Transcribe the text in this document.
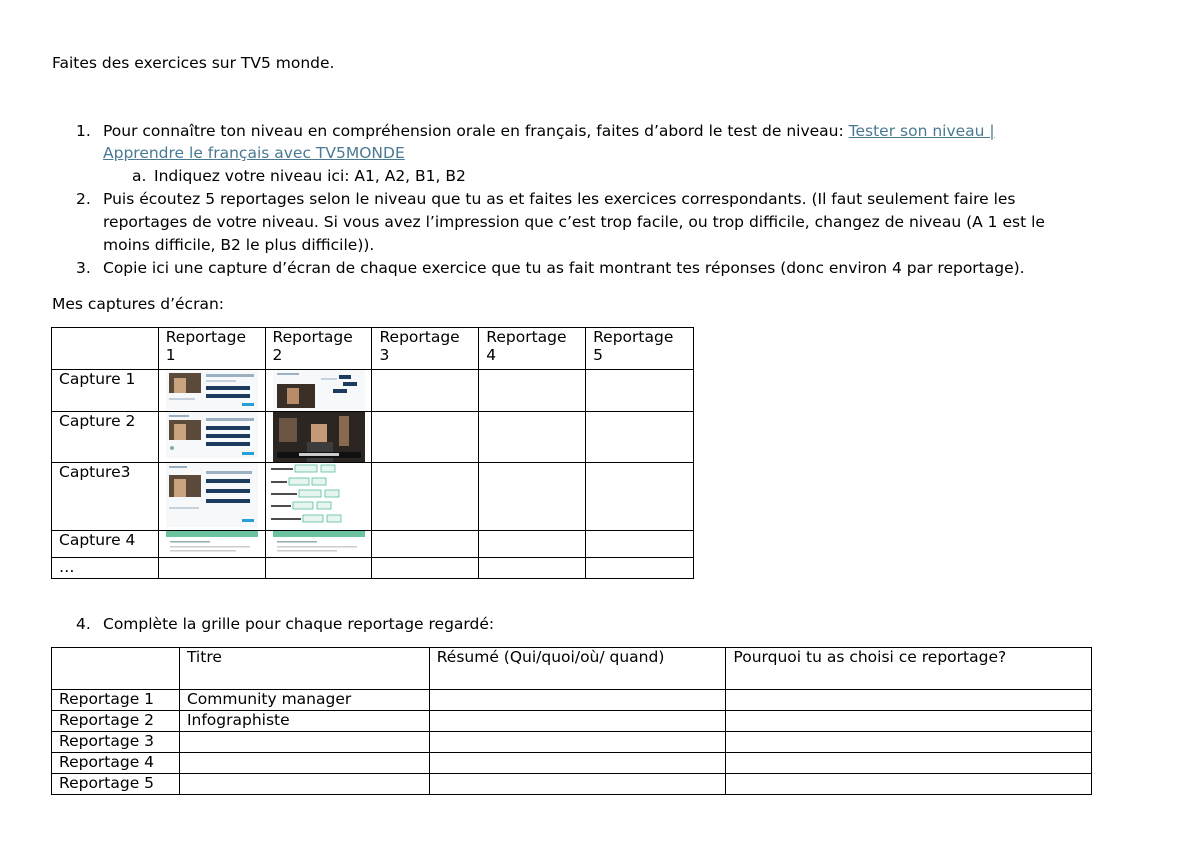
Faites des exercices sur TV5 monde.
1. Pour connaître ton niveau en compréhension orale en français, faites d’abord le test de niveau: Tester son niveau |
Apprendre le français avec TV5MONDE
a. Indiquez votre niveau ici: A1, A2, B1, B2
2. Puis écoutez 5 reportages selon le niveau que tu as et faites les exercices correspondants. (Il faut seulement faire les
reportages de votre niveau. Si vous avez l’impression que c’est trop facile, ou trop difficile, changez de niveau (A 1 est le
moins difficile, B2 le plus difficile)).
3. Copie ici une capture d’écran de chaque exercice que tu as fait montrant tes réponses (donc environ 4 par reportage).
Mes captures d’écran:
	Reportage 1	Reportage 2	Reportage 3	Reportage 4	Reportage 5
Capture 1	

Capture 2	

Capture3	

Capture 4	

…					
4. Complète la grille pour chaque reportage regardé:
	Titre	Résumé (Qui/quoi/où/ quand)	Pourquoi tu as choisi ce reportage?
Reportage 1	Community manager		
Reportage 2	Infographiste		
Reportage 3			
Reportage 4			
Reportage 5			
